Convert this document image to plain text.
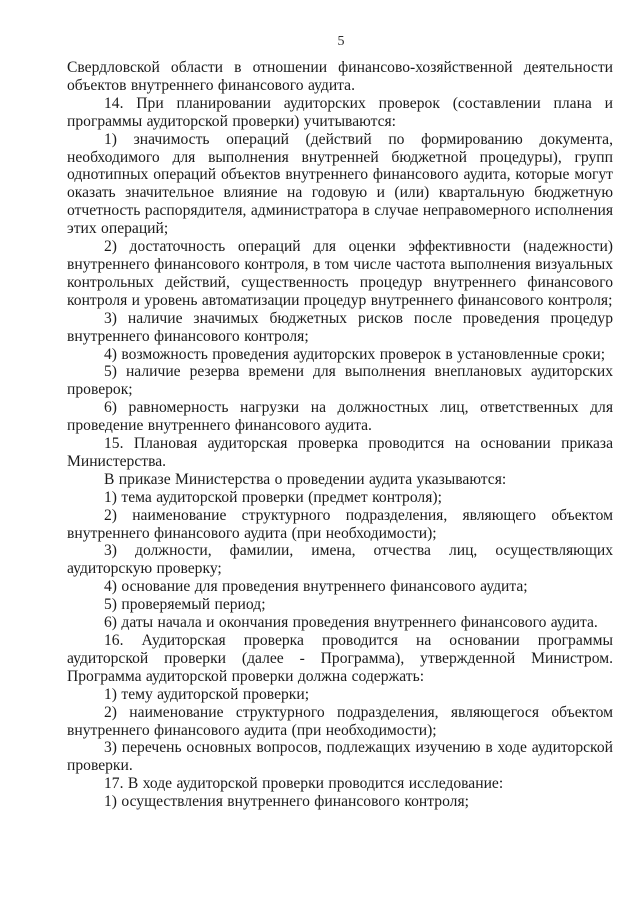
5

Свердловской области в отношении финансово-хозяйственной деятельности объектов внутреннего финансового аудита.

14. При планировании аудиторских проверок (составлении плана и программы аудиторской проверки) учитываются:

1) значимость операций (действий по формированию документа, необходимого для выполнения внутренней бюджетной процедуры), групп однотипных операций объектов внутреннего финансового аудита, которые могут оказать значительное влияние на годовую и (или) квартальную бюджетную отчетность распорядителя, администратора в случае неправомерного исполнения этих операций;

2) достаточность операций для оценки эффективности (надежности) внутреннего финансового контроля, в том числе частота выполнения визуальных контрольных действий, существенность процедур внутреннего финансового контроля и уровень автоматизации процедур внутреннего финансового контроля;

3) наличие значимых бюджетных рисков после проведения процедур внутреннего финансового контроля;

4) возможность проведения аудиторских проверок в установленные сроки;

5) наличие резерва времени для выполнения внеплановых аудиторских проверок;

6) равномерность нагрузки на должностных лиц, ответственных для проведение внутреннего финансового аудита.

15. Плановая аудиторская проверка проводится на основании приказа Министерства.

В приказе Министерства о проведении аудита указываются:

1) тема аудиторской проверки (предмет контроля);

2) наименование структурного подразделения, являющего объектом внутреннего финансового аудита (при необходимости);

3) должности, фамилии, имена, отчества лиц, осуществляющих аудиторскую проверку;

4) основание для проведения внутреннего финансового аудита;

5) проверяемый период;

6) даты начала и окончания проведения внутреннего финансового аудита.

16. Аудиторская проверка проводится на основании программы аудиторской проверки (далее - Программа), утвержденной Министром. Программа аудиторской проверки должна содержать:

1) тему аудиторской проверки;

2) наименование структурного подразделения, являющегося объектом внутреннего финансового аудита (при необходимости);

3) перечень основных вопросов, подлежащих изучению в ходе аудиторской проверки.

17. В ходе аудиторской проверки проводится исследование:

1) осуществления внутреннего финансового контроля;
